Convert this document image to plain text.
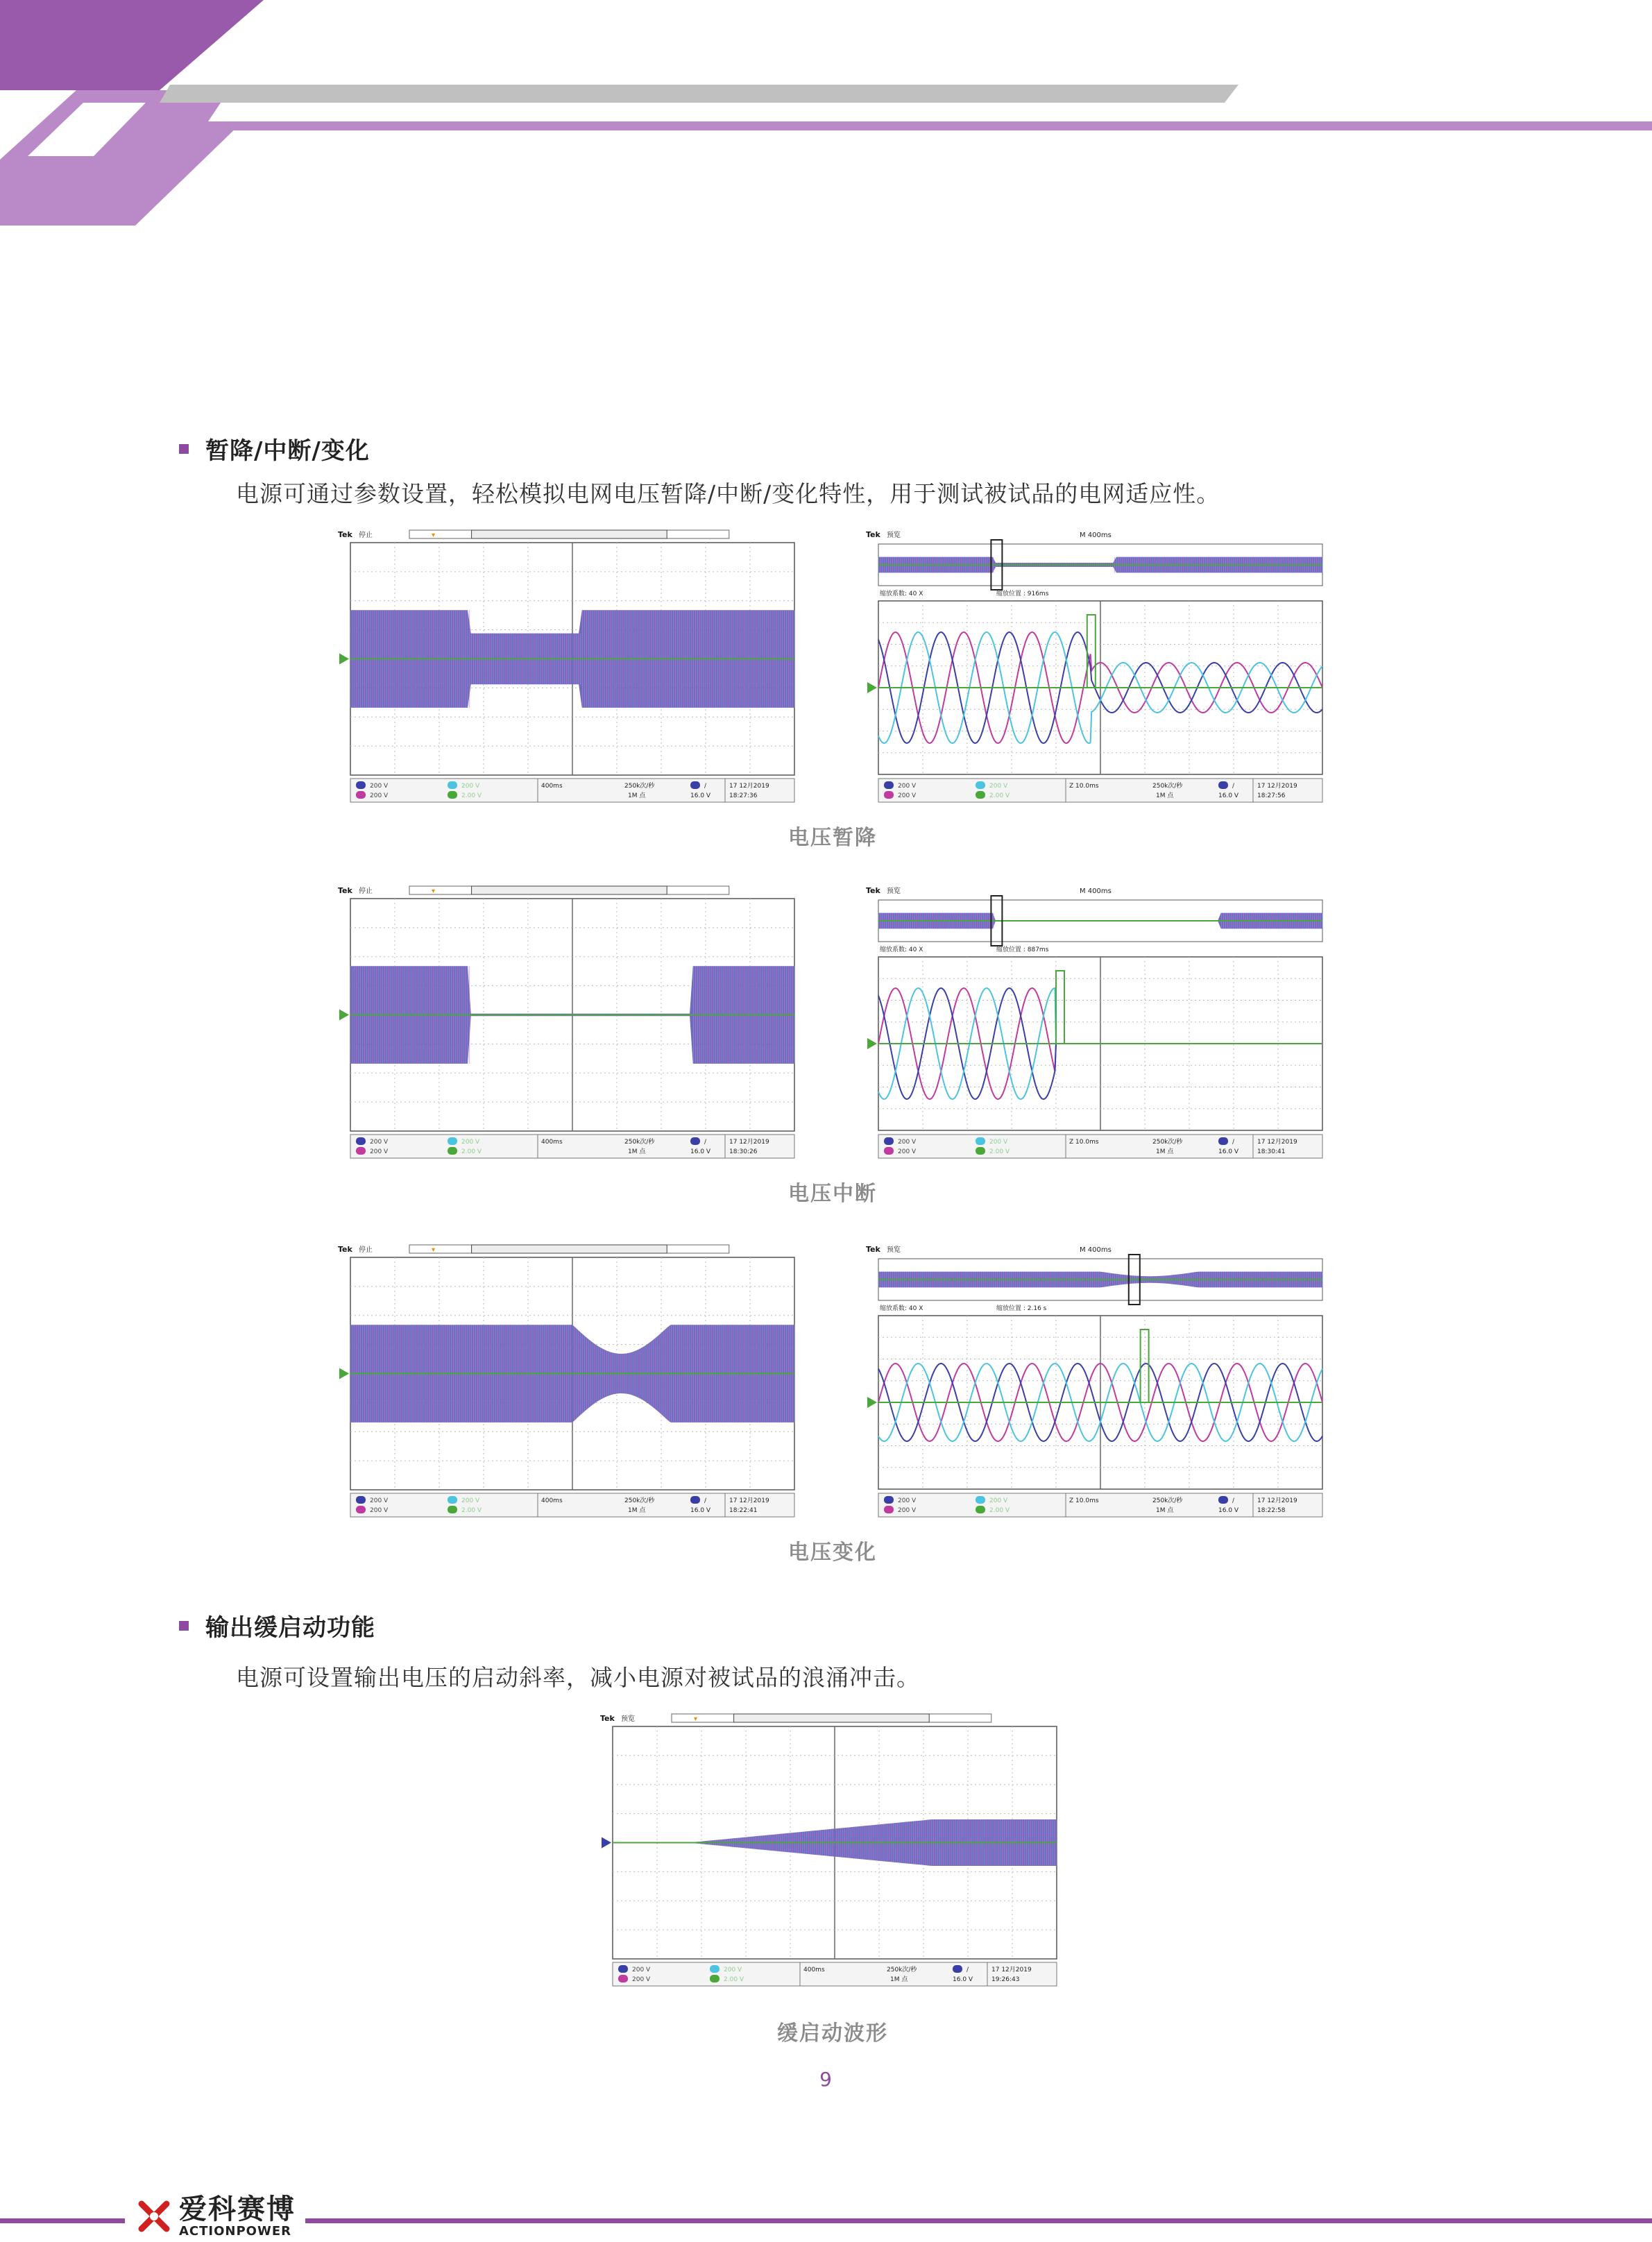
暂降/中断/变化
电源可通过参数设置，轻松模拟电网电压暂降/中断/变化特性，用于测试被试品的电网适应性。
Tek 停止	▾
200 V
200 V
200 V
2.00 V
400ms	250k次/秒
1M 点
∕
16.0 V
17 12月2019
18:27:36
Tek 预览	M 400ms
缩放系数: 40 X	缩放位置 : 916ms
200 V
200 V
200 V
2.00 V
Z 10.0ms	250k次/秒
1M 点
∕
16.0 V
17 12月2019
18:27:56
电压暂降
Tek 停止	▾
200 V
200 V
200 V
2.00 V
400ms	250k次/秒
1M 点
∕
16.0 V
17 12月2019
18:30:26
Tek 预览	M 400ms
缩放系数: 40 X	缩放位置 : 887ms
200 V
200 V
200 V
2.00 V
Z 10.0ms	250k次/秒
1M 点
∕
16.0 V
17 12月2019
18:30:41
电压中断
Tek 停止	▾
200 V
200 V
200 V
2.00 V
400ms	250k次/秒
1M 点
∕
16.0 V
17 12月2019
18:22:41
Tek 预览	M 400ms
缩放系数: 40 X	缩放位置 : 2.16 s
200 V
200 V
200 V
2.00 V
Z 10.0ms	250k次/秒
1M 点
∕
16.0 V
17 12月2019
18:22:58
电压变化
Tek 预览	▾
200 V
200 V
200 V
2.00 V
400ms	250k次/秒
1M 点
∕
16.0 V
17 12月2019
19:26:43
缓启动波形
输出缓启动功能
电源可设置输出电压的启动斜率，减小电源对被试品的浪涌冲击。
9
爱科赛博
ACTIONPOWER
